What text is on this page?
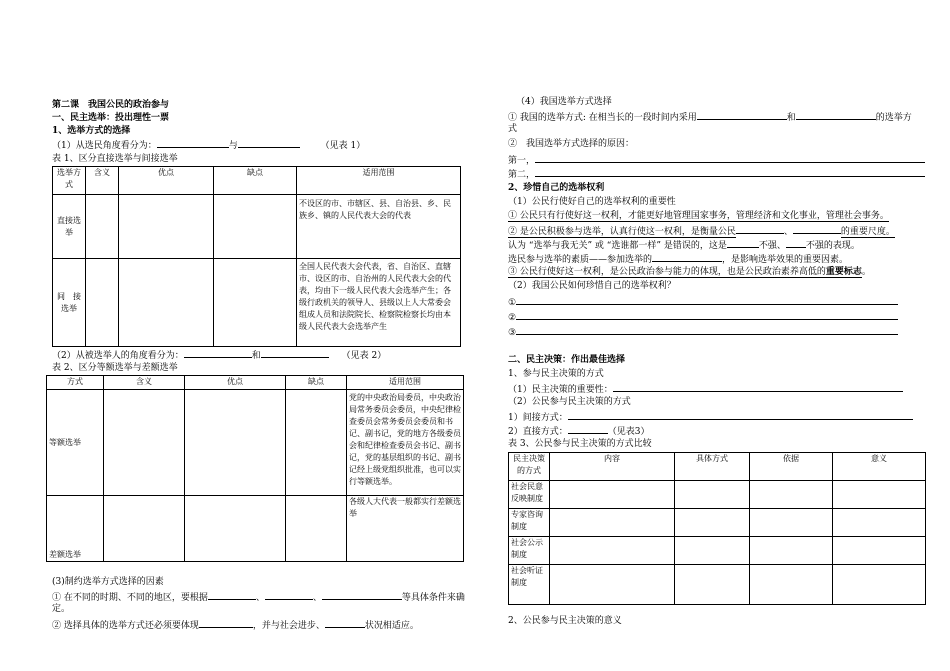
第二课　我国公民的政治参与
一、民主选举：投出理性一票
1、选举方式的选择
（1）从选民角度看分为：	与	（见表 1）
表 1、区分直接选举与间接选举
选举方式	含义	优点	缺点	适用范围
直接选举				不设区的市、市辖区、县、自治县、乡、民族乡、镇的人民代表大会的代表
间　接选举				全国人民代表大会代表，省、自治区、直辖市、设区的市、自治州的人民代表大会的代表，均由下一级人民代表大会选举产生；各级行政机关的领导人、县级以上人大常委会组成人员和法院院长、检察院检察长均由本级人民代表大会选举产生
（2）从被选举人的角度看分为：	和	（见表 2）
表 2、区分等额选举与差额选举
方式	含义	优点	缺点	适用范围
等额选举				党的中央政治局委员，中央政治局常务委员会委员，中央纪律检查委员会常务委员会委员和书记、副书记，党的地方各级委员会和纪律检查委员会书记、副书记，党的基层组织的书记、副书记经上级党组织批准，也可以实行等额选举。
差额选举				各级人大代表一般都实行差额选举
(3)制约选举方式选择的因素
① 在不同的时期、不同的地区，要根据	、	、	等具体条件来确
定。
② 选择具体的选举方式还必须要体现	，并与社会进步、	状况相适应。
（4）我国选举方式选择
① 我国的选举方式: 在相当长的一段时间内采用	和	的选举方
式
②　我国选举方式选择的原因：
第一，
第二，
2、珍惜自己的选举权利
（1）公民行使好自己的选举权利的重要性
① 公民只有行使好这一权利，才能更好地管理国家事务，管理经济和文化事业，管理社会事务。
② 是公民积极参与选举，认真行使这一权利，是衡量公民	、	的重要尺度。
认为 “选举与我无关” 或 “选谁都一样” 是错误的，这是	不强、 不强的表现。
选民参与选举的素质——参加选举的	，是影响选举效果的重要因素。
③ 公民行使好这一权利，是公民政治参与能力的体现，也是公民政治素养高低的重要标志。
（2）我国公民如何珍惜自己的选举权利？
①
②
③
二、民主决策：作出最佳选择
1、参与民主决策的方式
（1）民主决策的重要性：
（2）公民参与民主决策的方式
1）间接方式：
2）直接方式：	（见表3）
表 3、公民参与民主决策的方式比较
民主决策的方式	内容	具体方式	依据	意义
社会民意反映制度				
专家咨询制度				
社会公示制度				
社会听证制度				
2、公民参与民主决策的意义
